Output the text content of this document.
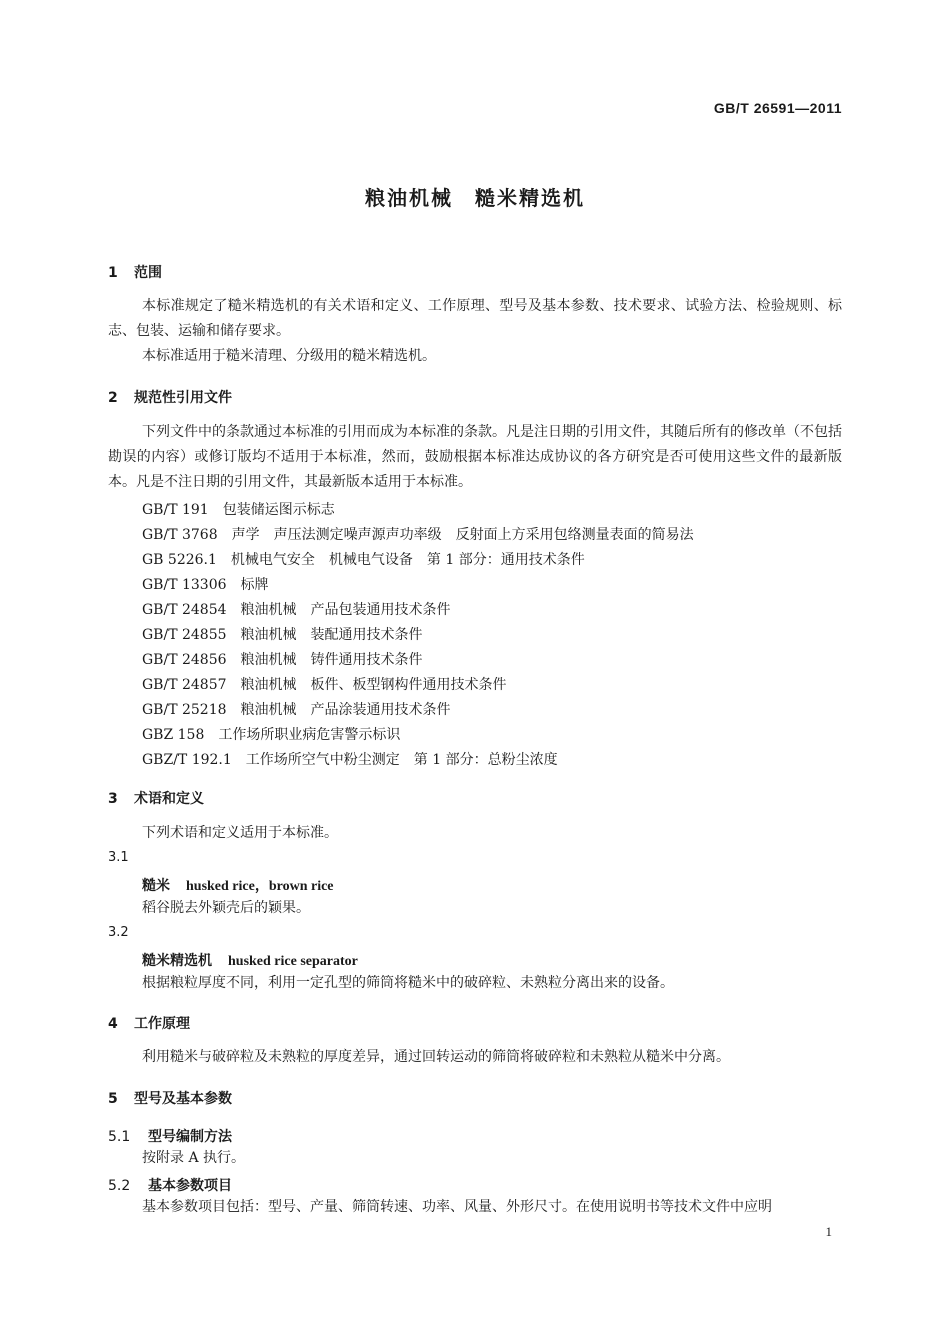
GB/T 26591—2011
粮油机械　糙米精选机
1 范围
本标准规定了糙米精选机的有关术语和定义、工作原理、型号及基本参数、技术要求、试验方法、检验规则、标志、包装、运输和储存要求。
本标准适用于糙米清理、分级用的糙米精选机。
2 规范性引用文件
下列文件中的条款通过本标准的引用而成为本标准的条款。凡是注日期的引用文件，其随后所有的修改单（不包括勘误的内容）或修订版均不适用于本标准，然而，鼓励根据本标准达成协议的各方研究是否可使用这些文件的最新版本。凡是不注日期的引用文件，其最新版本适用于本标准。
GB/T 191 包装储运图示标志
GB/T 3768 声学　声压法测定噪声源声功率级　反射面上方采用包络测量表面的简易法
GB 5226.1 机械电气安全　机械电气设备　第 1 部分：通用技术条件
GB/T 13306 标牌
GB/T 24854 粮油机械　产品包装通用技术条件
GB/T 24855 粮油机械　装配通用技术条件
GB/T 24856 粮油机械　铸件通用技术条件
GB/T 24857 粮油机械　板件、板型钢构件通用技术条件
GB/T 25218 粮油机械　产品涂装通用技术条件
GBZ 158 工作场所职业病危害警示标识
GBZ/T 192.1 工作场所空气中粉尘测定　第 1 部分：总粉尘浓度
3 术语和定义
下列术语和定义适用于本标准。
3.1
糙米 husked rice，brown rice
稻谷脱去外颖壳后的颖果。
3.2
糙米精选机 husked rice separator
根据粮粒厚度不同，利用一定孔型的筛筒将糙米中的破碎粒、未熟粒分离出来的设备。
4 工作原理
利用糙米与破碎粒及未熟粒的厚度差异，通过回转运动的筛筒将破碎粒和未熟粒从糙米中分离。
5 型号及基本参数
5.1 型号编制方法
按附录 A 执行。
5.2 基本参数项目
基本参数项目包括：型号、产量、筛筒转速、功率、风量、外形尺寸。在使用说明书等技术文件中应明
1
